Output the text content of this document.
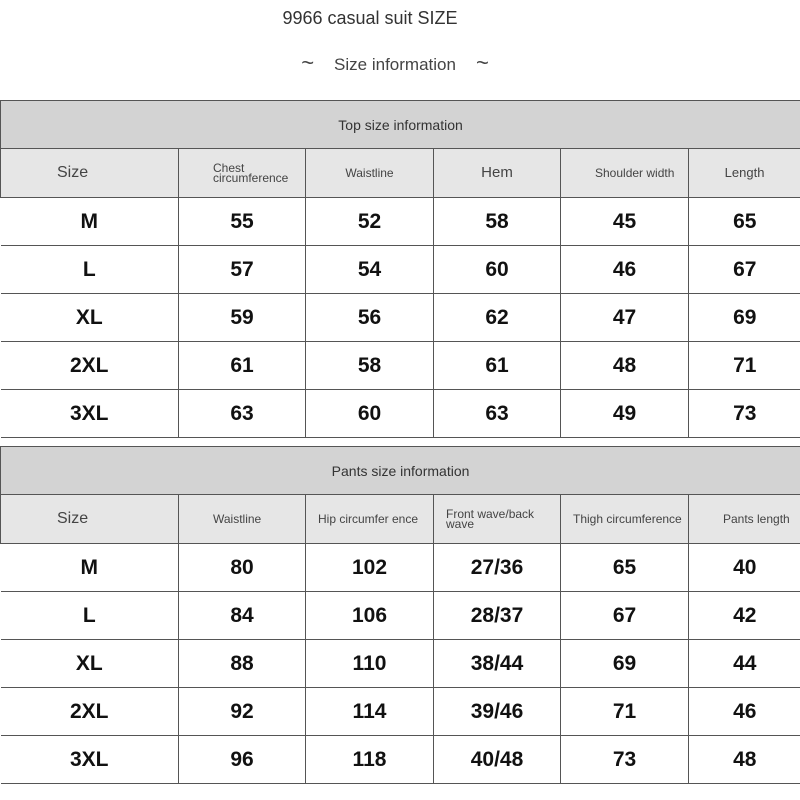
9966 casual suit SIZE
~ Size information ~
Top size information					
Size	Chest circumference	Waistline	Hem	Shoulder width	Length
M	55	52	58	45	65
L	57	54	60	46	67
XL	59	56	62	47	69
2XL	61	58	61	48	71
3XL	63	60	63	49	73
Pants size information					
Size	Waistline	Hip circumfer ence	Front wave/back wave	Thigh circumference	Pants length
M	80	102	27/36	65	40
L	84	106	28/37	67	42
XL	88	110	38/44	69	44
2XL	92	114	39/46	71	46
3XL	96	118	40/48	73	48
